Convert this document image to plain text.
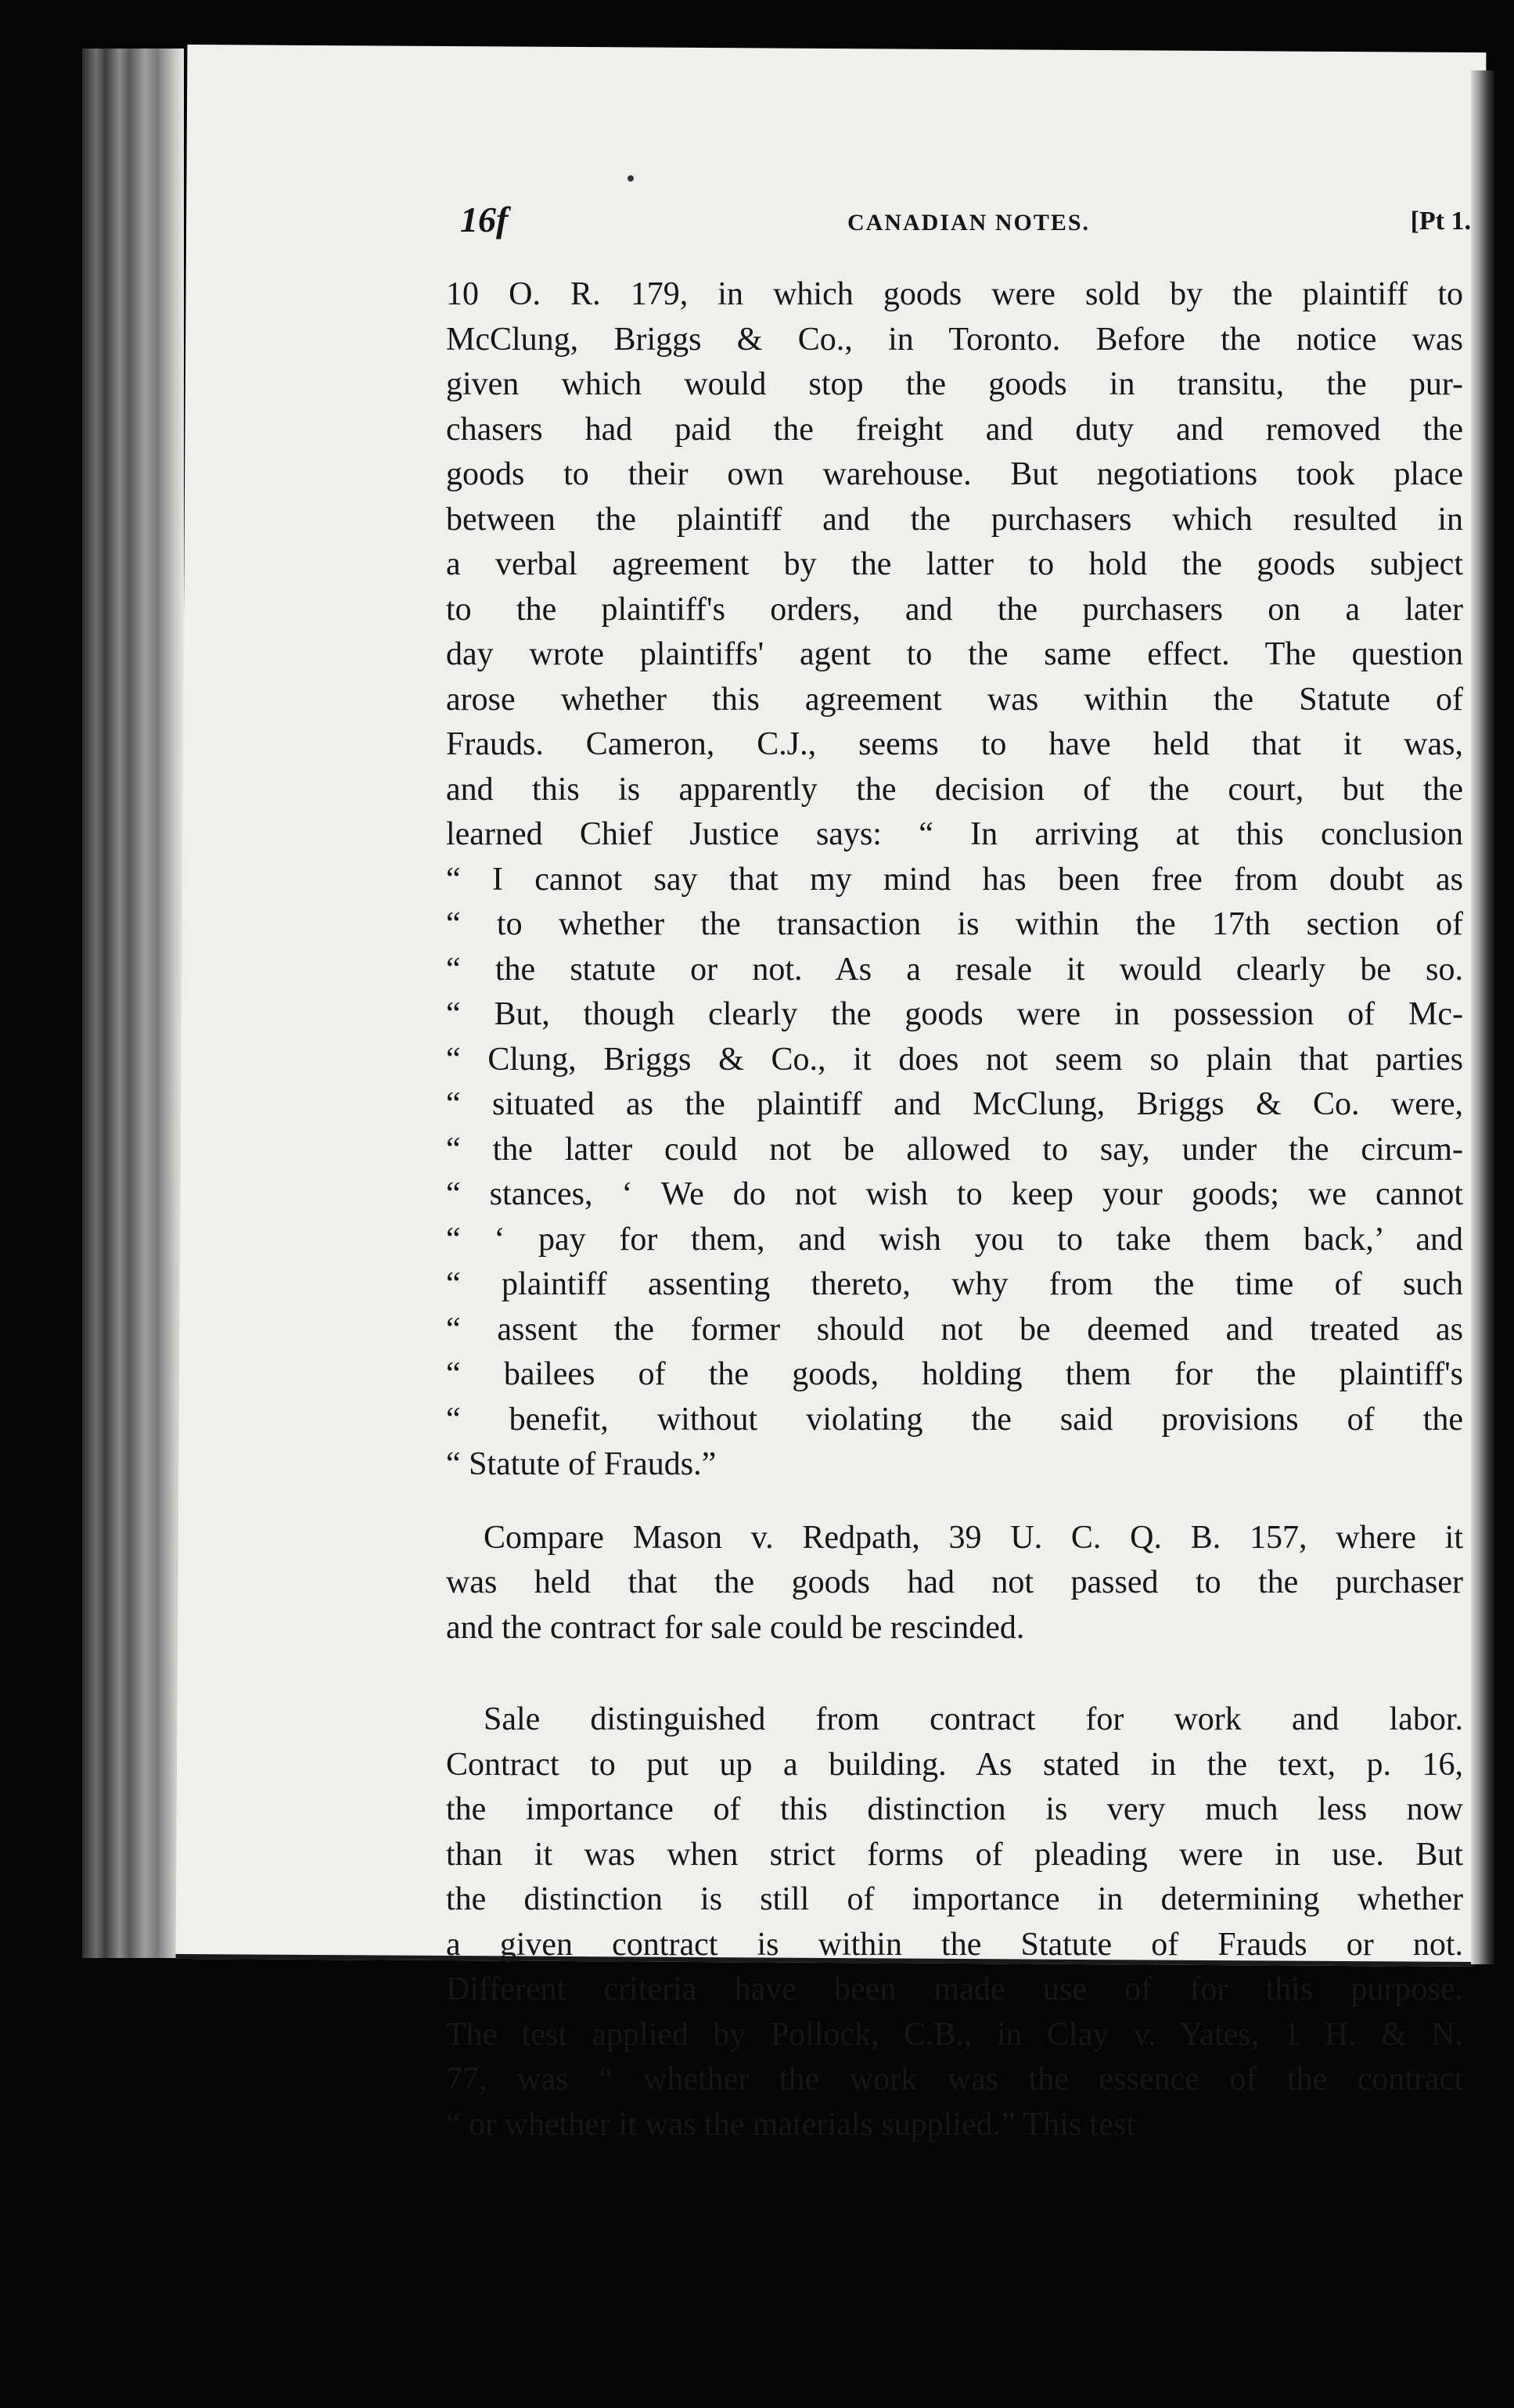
16f	CANADIAN NOTES.	[Pt 1.
10 O. R. 179, in which goods were sold by the plaintiff to
McClung, Briggs & Co., in Toronto. Before the notice was
given which would stop the goods in transitu, the pur-
chasers had paid the freight and duty and removed the
goods to their own warehouse. But negotiations took place
between the plaintiff and the purchasers which resulted in
a verbal agreement by the latter to hold the goods subject
to the plaintiff's orders, and the purchasers on a later
day wrote plaintiffs' agent to the same effect. The question
arose whether this agreement was within the Statute of
Frauds. Cameron, C.J., seems to have held that it was,
and this is apparently the decision of the court, but the
learned Chief Justice says: “ In arriving at this conclusion
“ I cannot say that my mind has been free from doubt as
“ to whether the transaction is within the 17th section of
“ the statute or not. As a resale it would clearly be so.
“ But, though clearly the goods were in possession of Mc-
“ Clung, Briggs & Co., it does not seem so plain that parties
“ situated as the plaintiff and McClung, Briggs & Co. were,
“ the latter could not be allowed to say, under the circum-
“ stances, ‘ We do not wish to keep your goods; we cannot
“ ‘ pay for them, and wish you to take them back,’ and
“ plaintiff assenting thereto, why from the time of such
“ assent the former should not be deemed and treated as
“ bailees of the goods, holding them for the plaintiff's
“ benefit, without violating the said provisions of the
“ Statute of Frauds.”
Compare Mason v. Redpath, 39 U. C. Q. B. 157, where it
was held that the goods had not passed to the purchaser
and the contract for sale could be rescinded.
Sale distinguished from contract for work and labor.
Contract to put up a building. As stated in the text, p. 16,
the importance of this distinction is very much less now
than it was when strict forms of pleading were in use. But
the distinction is still of importance in determining whether
a given contract is within the Statute of Frauds or not.
Different criteria have been made use of for this purpose.
The test applied by Pollock, C.B., in Clay v. Yates, 1 H. & N.
77, was “ whether the work was the essence of the contract
“ or whether it was the materials supplied.” This test
